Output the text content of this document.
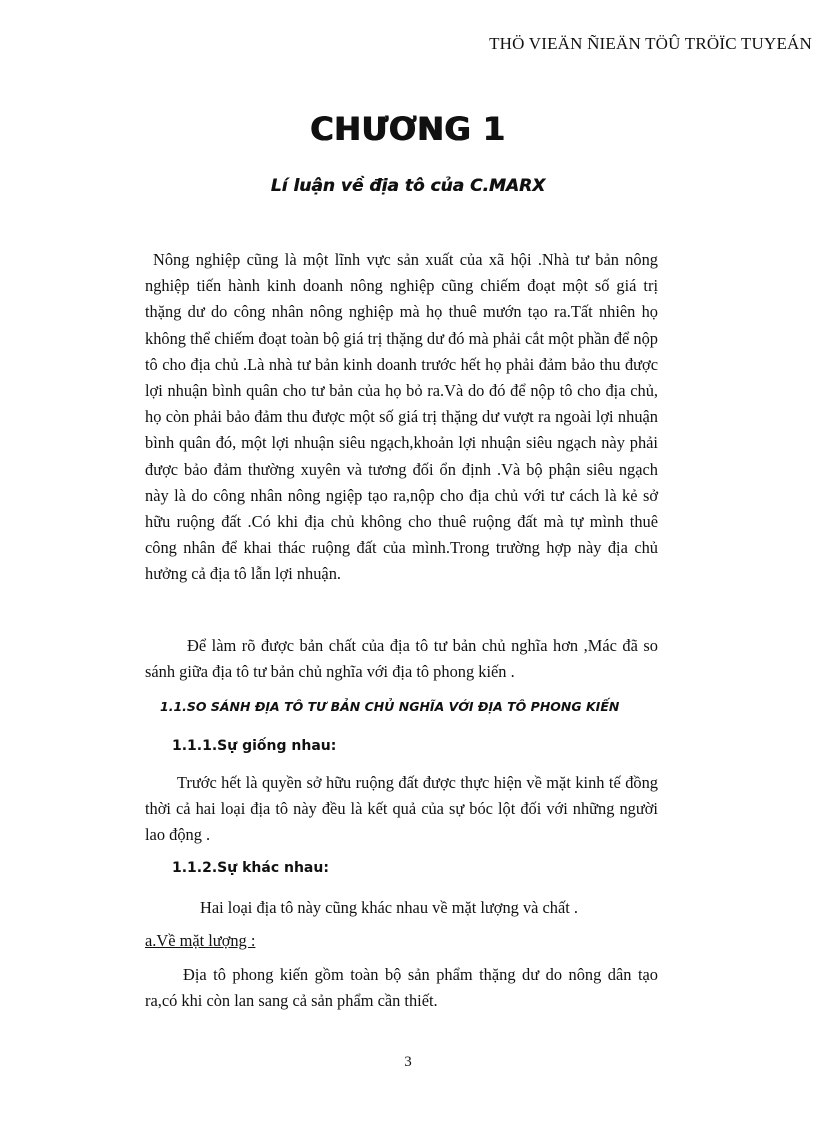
THÖ VIEÄN ÑIEÄN TÖÛ TRÖÏC TUYEÁN
CHƯƠNG 1
Lí luận về địa tô của C.MARX

Nông nghiệp cũng là một lĩnh vực sản xuất của xã hội .Nhà tư bản nông nghiệp tiến hành kinh doanh nông nghiệp cũng chiếm đoạt một số giá trị thặng dư do công nhân nông nghiệp mà họ thuê mướn tạo ra.Tất nhiên họ không thể chiếm đoạt toàn bộ giá trị thặng dư đó mà phải cắt một phần để nộp tô cho địa chủ .Là nhà tư bản kinh doanh trước hết họ phải đảm bảo thu được lợi nhuận bình quân cho tư bản của họ bỏ ra.Và do đó để nộp tô cho địa chủ, họ còn phải bảo đảm thu được một số giá trị thặng dư vượt ra ngoài lợi nhuận bình quân đó, một lợi nhuận siêu ngạch,khoản lợi nhuận siêu ngạch này phải được bảo đảm thường xuyên và tương đối ổn định .Và bộ phận siêu ngạch này là do công nhân nông ngiệp tạo ra,nộp cho địa chủ với tư cách là kẻ sở hữu ruộng đất .Có khi địa chủ không cho thuê ruộng đất mà tự mình thuê công nhân để khai thác ruộng đất của mình.Trong trường hợp này địa chủ hưởng cả địa tô lẫn lợi nhuận.

Để làm rõ được bản chất của địa tô tư bản chủ nghĩa hơn ,Mác đã so sánh giữa địa tô tư bản chủ nghĩa với địa tô phong kiến .

1.1.SO SÁNH ĐỊA TÔ TƯ BẢN CHỦ NGHĨA VỚI ĐỊA TÔ PHONG KIẾN
1.1.1.Sự giống nhau:

Trước hết là quyền sở hữu ruộng đất được thực hiện về mặt kinh tế đồng thời cả hai loại địa tô này đều là kết quả của sự bóc lột đối với những người lao động .

1.1.2.Sự khác nhau:

Hai loại địa tô này cũng khác nhau về mặt lượng và chất .

a.Về mặt lượng :

Địa tô phong kiến gồm toàn bộ sản phẩm thặng dư do nông dân tạo ra,có khi còn lan sang cả sản phẩm cần thiết.

3
